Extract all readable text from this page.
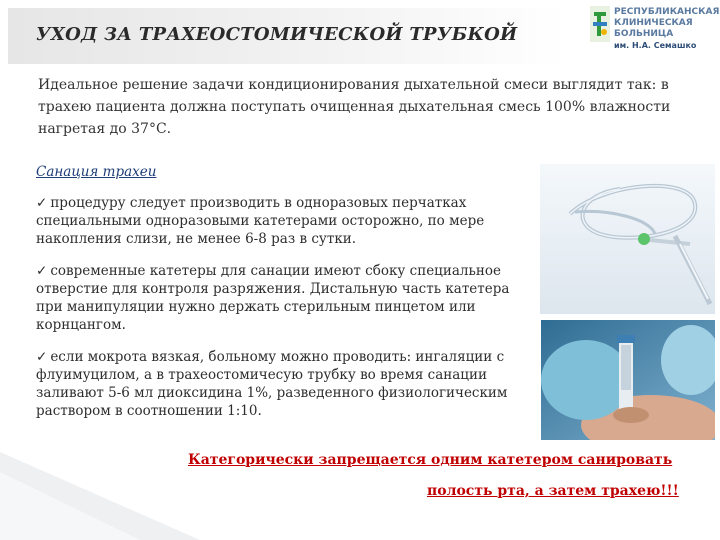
УХОД ЗА ТРАХЕОСТОМИЧЕСКОЙ ТРУБКОЙ
РЕСПУБЛИКАНСКАЯ
КЛИНИЧЕСКАЯ
БОЛЬНИЦА
им. Н.А. Семашко
Идеальное решение задачи кондиционирования дыхательной смеси выглядит так: в трахею пациента должна поступать очищенная дыхательная смесь 100% влажности нагретая до 37°С.
Санация трахеи
✓ процедуру следует производить в одноразовых перчатках специальными одноразовыми катетерами осторожно, по мере накопления слизи, не менее 6-8 раз в сутки.
✓ современные катетеры для санации имеют сбоку специальное отверстие для контроля разряжения. Дистальную часть катетера при манипуляции нужно держать стерильным пинцетом или корнцангом.
✓ если мокрота вязкая, больному можно проводить: ингаляции с флуимуцилом, а в трахеостомичесую трубку во время санации заливают 5-6 мл диоксидина 1%, разведенного физиологическим раствором в соотношении 1:10.
Категорически запрещается одним катетером санировать
полость рта, а затем трахею!!!
